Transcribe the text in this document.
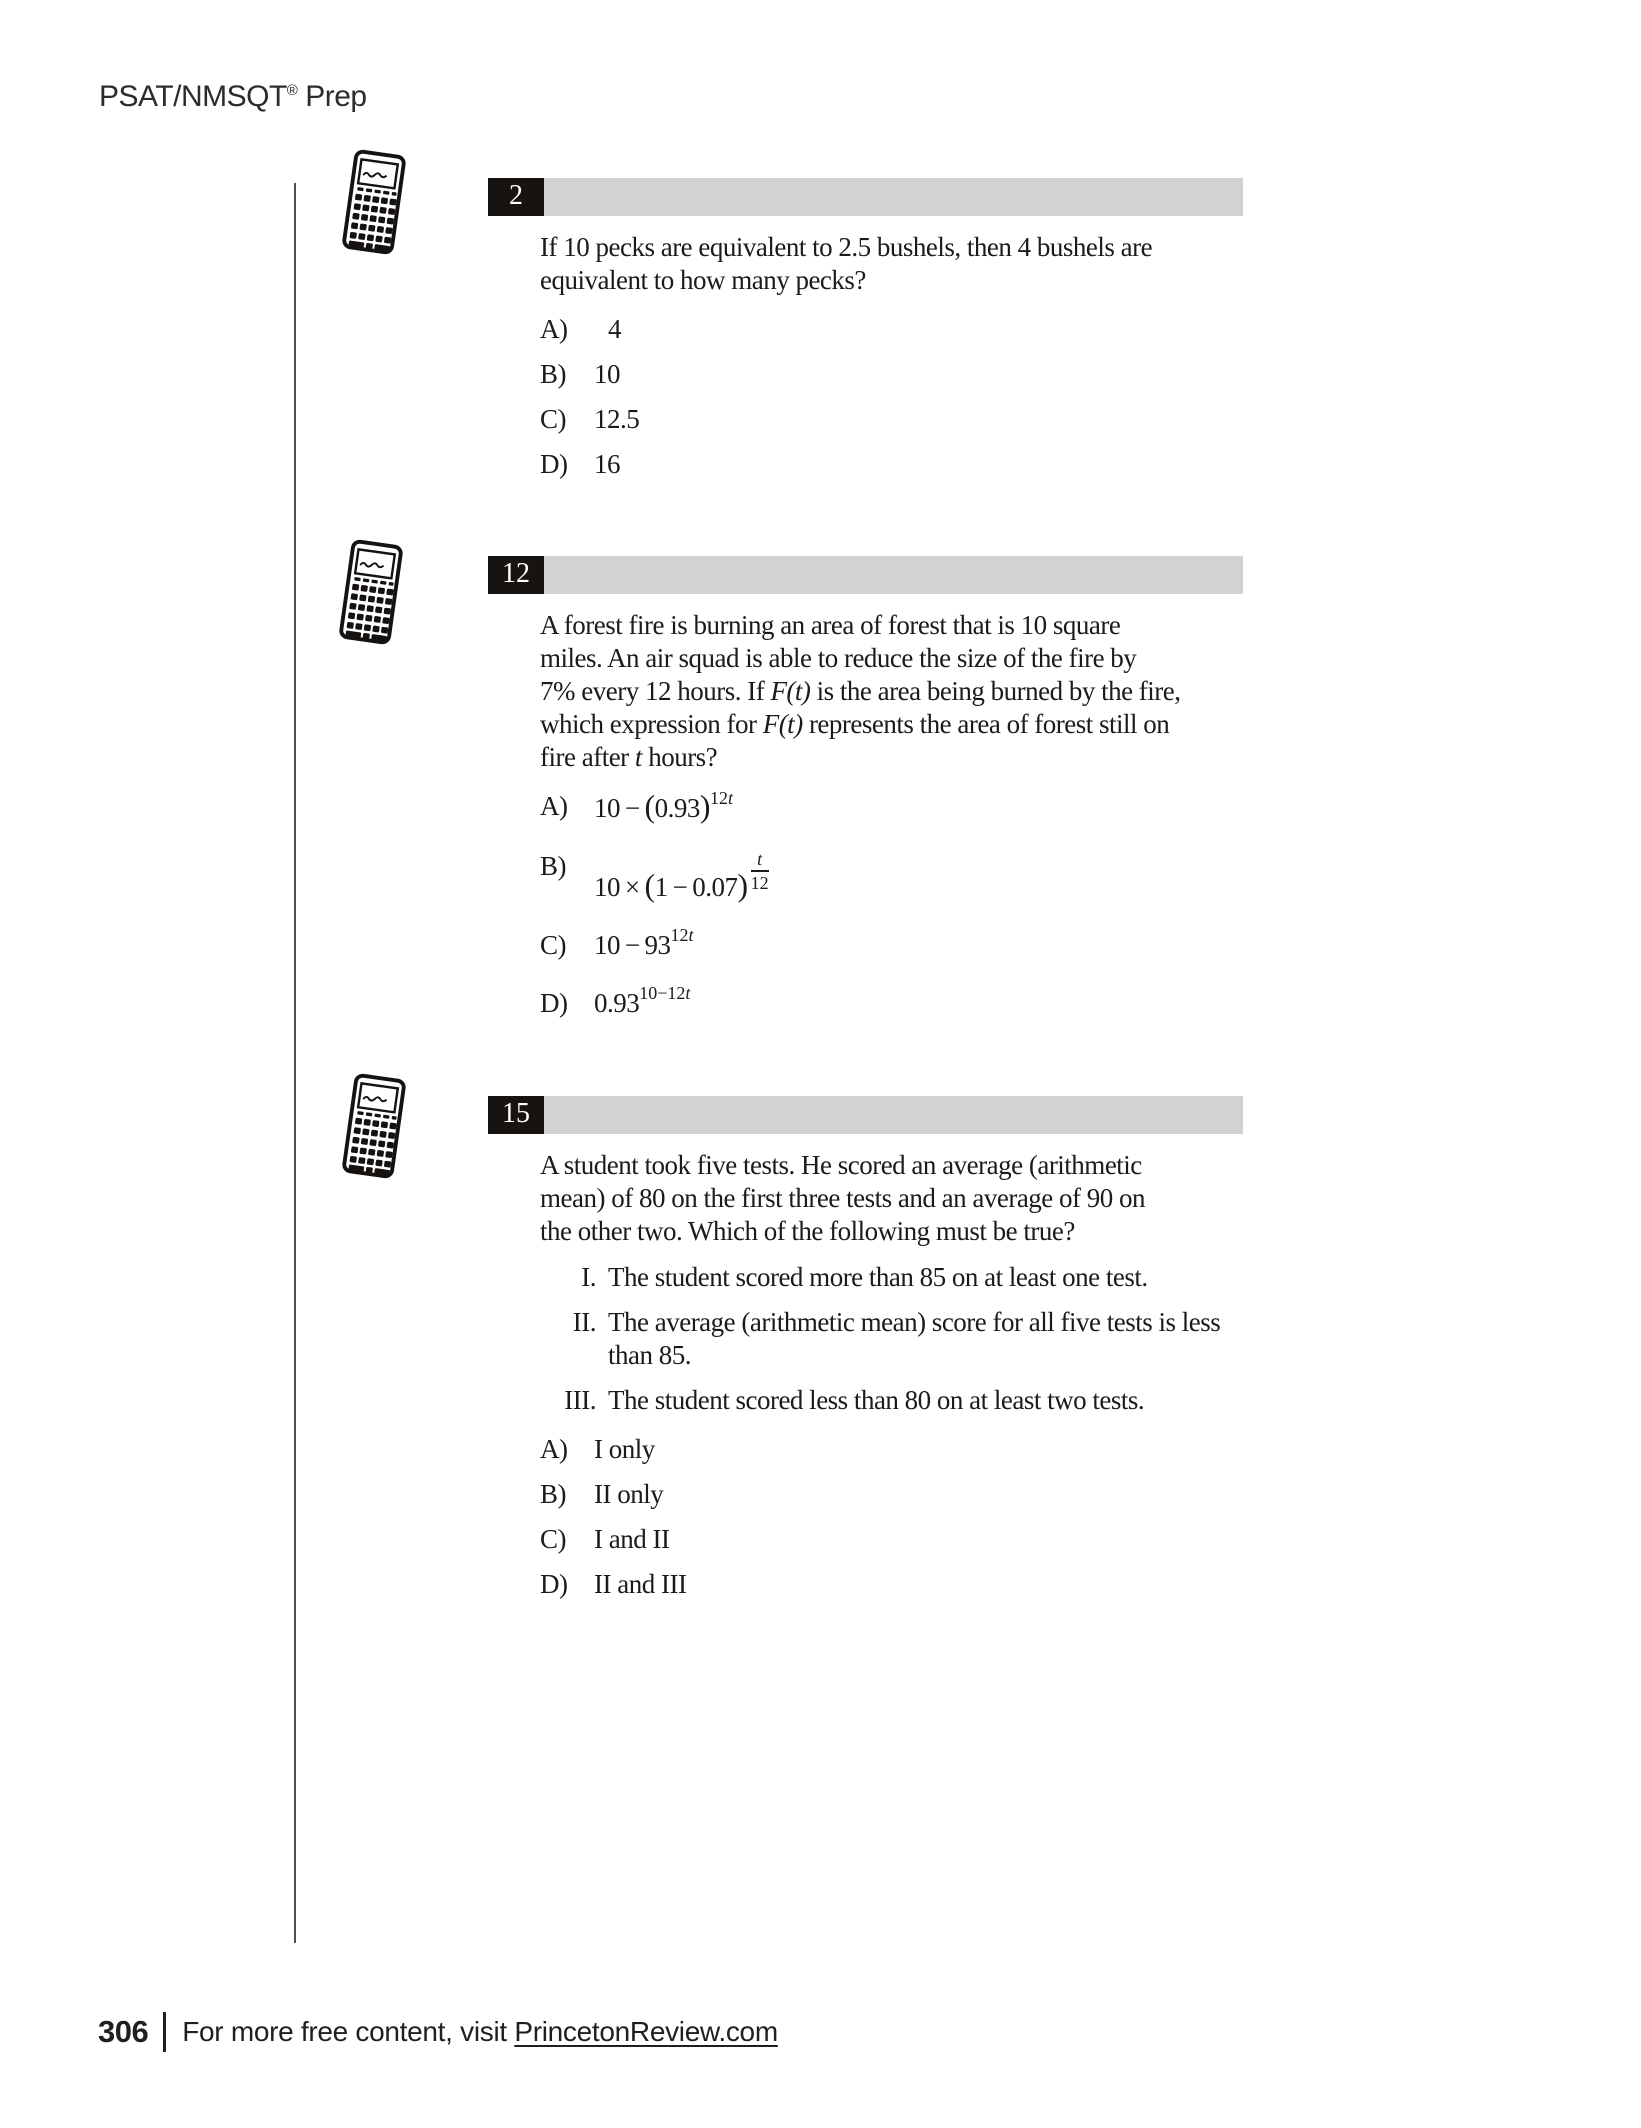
PSAT/NMSQT® Prep
2
If 10 pecks are equivalent to 2.5 bushels, then 4 bushels are
equivalent to how many pecks?
A)	4
B)	10
C)	12.5
D) 16
12
A forest fire is burning an area of forest that is 10 square
miles. An air squad is able to reduce the size of the fire by
7% every 12 hours. If F(t) is the area being burned by the fire,
which expression for F(t) represents the area of forest still on
fire after t hours?
A) $10 - (0.93)^{12t}$
B)
$10 \times (1 - 0.07) \frac{t}{12}$
C)	$10 - 93^{12t}$
D) $0.93^{10-12t}$
15
A student took five tests. He scored an average (arithmetic
mean) of 80 on the first three tests and an average of 90 on
the other two. Which of the following must be true?
I. The student scored more than 85 on at least one test.
II. The average (arithmetic mean) score for all five tests is less
than 85.
III. The student scored less than 80 on at least two tests.
A) I only
B)	II only
C)	I and II
D) II and III
306 For more free content, visit PrincetonReview.com
